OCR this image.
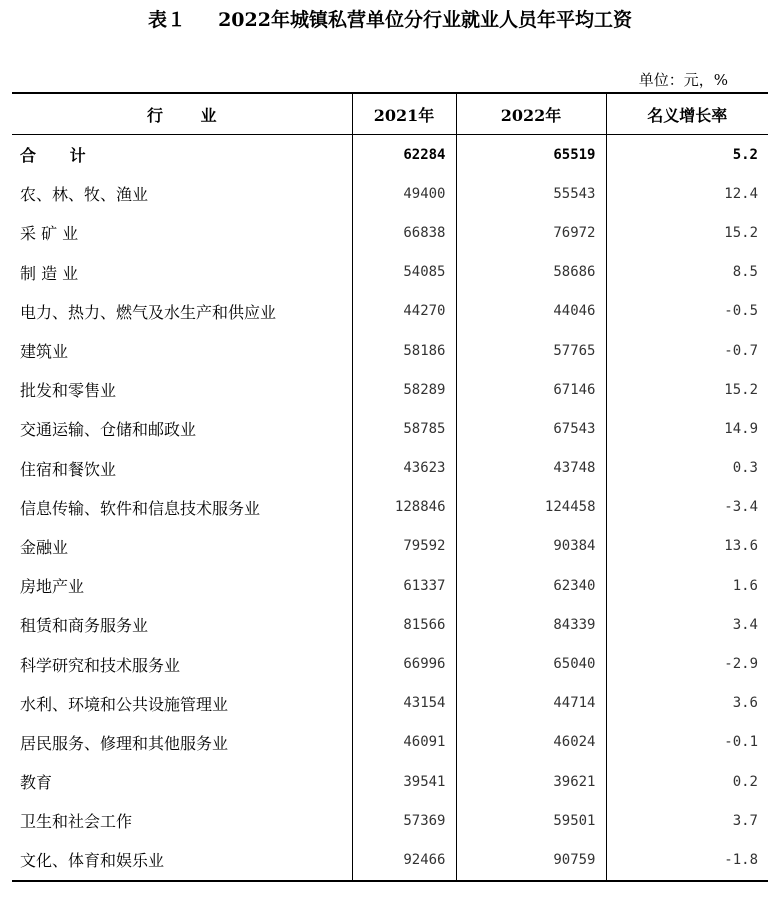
表１ 2022年城镇私营单位分行业就业人员年平均工资
单位：元，%
行 业	2021年	2022年	名义增长率
合 计	62284	65519	5.2
农、林、牧、渔业	49400	55543	12.4
采 矿 业	66838	76972	15.2
制 造 业	54085	58686	8.5
电力、热力、燃气及水生产和供应业	44270	44046	-0.5
建筑业	58186	57765	-0.7
批发和零售业	58289	67146	15.2
交通运输、仓储和邮政业	58785	67543	14.9
住宿和餐饮业	43623	43748	0.3
信息传输、软件和信息技术服务业	128846	124458	-3.4
金融业	79592	90384	13.6
房地产业	61337	62340	1.6
租赁和商务服务业	81566	84339	3.4
科学研究和技术服务业	66996	65040	-2.9
水利、环境和公共设施管理业	43154	44714	3.6
居民服务、修理和其他服务业	46091	46024	-0.1
教育	39541	39621	0.2
卫生和社会工作	57369	59501	3.7
文化、体育和娱乐业	92466	90759	-1.8
